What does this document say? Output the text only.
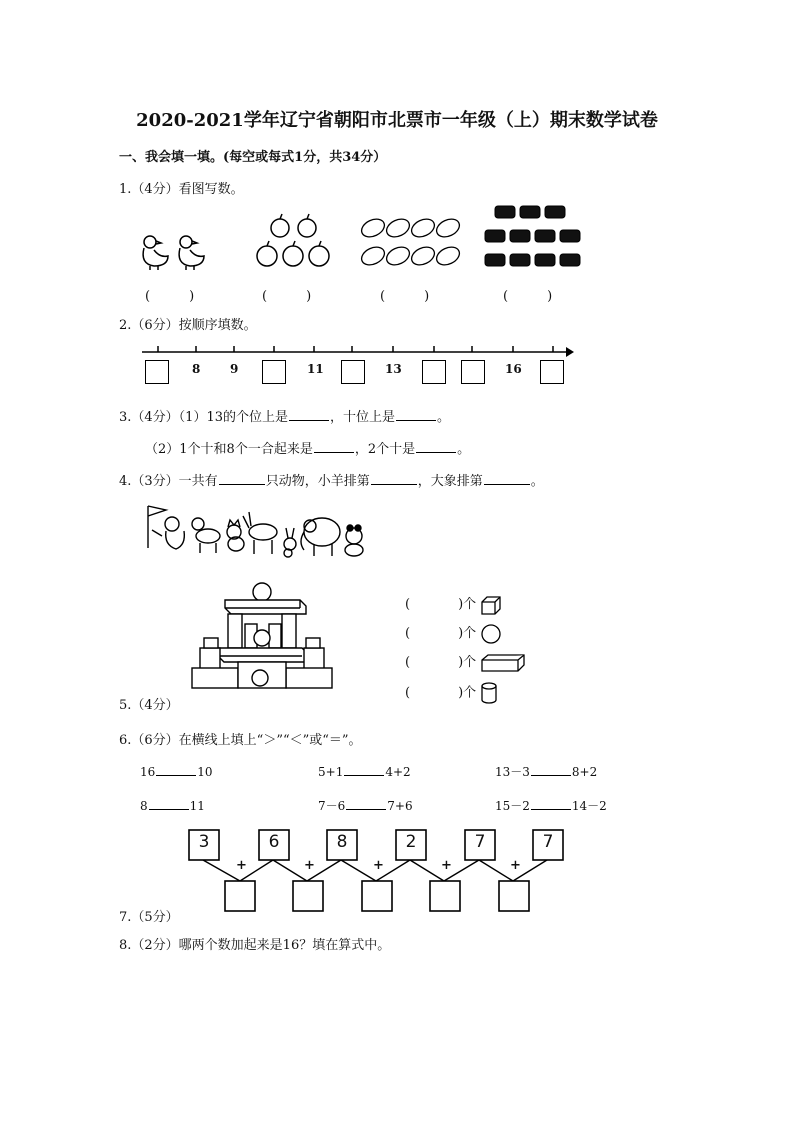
2020-2021学年辽宁省朝阳市北票市一年级（上）期末数学试卷
一、我会填一填。(每空或每式1分，共34分）
1.（4分）看图写数。
(　　　)	(　　　)	(　　　)	(　　　)
2.（6分）按顺序填数。
8 9	11	13	16
3.（4分）（1）13的个位上是	，十位上是	。
（2）1个十和8个一合起来是	，2个十是	。
4.（3分）一共有	只动物，小羊排第	，大象排第	。
5.（4分）
(	)个
(	)个
(	)个
(	)个
6.（6分）在横线上填上“＞”“＜”或“＝”。
16	10	5+1	4+2	13－3	8+2
8	11	7－6	7+6	15－2	14－2
3	6	8	2	7	7
+	+	+	+	+
7.（5分）
8.（2分）哪两个数加起来是16？填在算式中。
